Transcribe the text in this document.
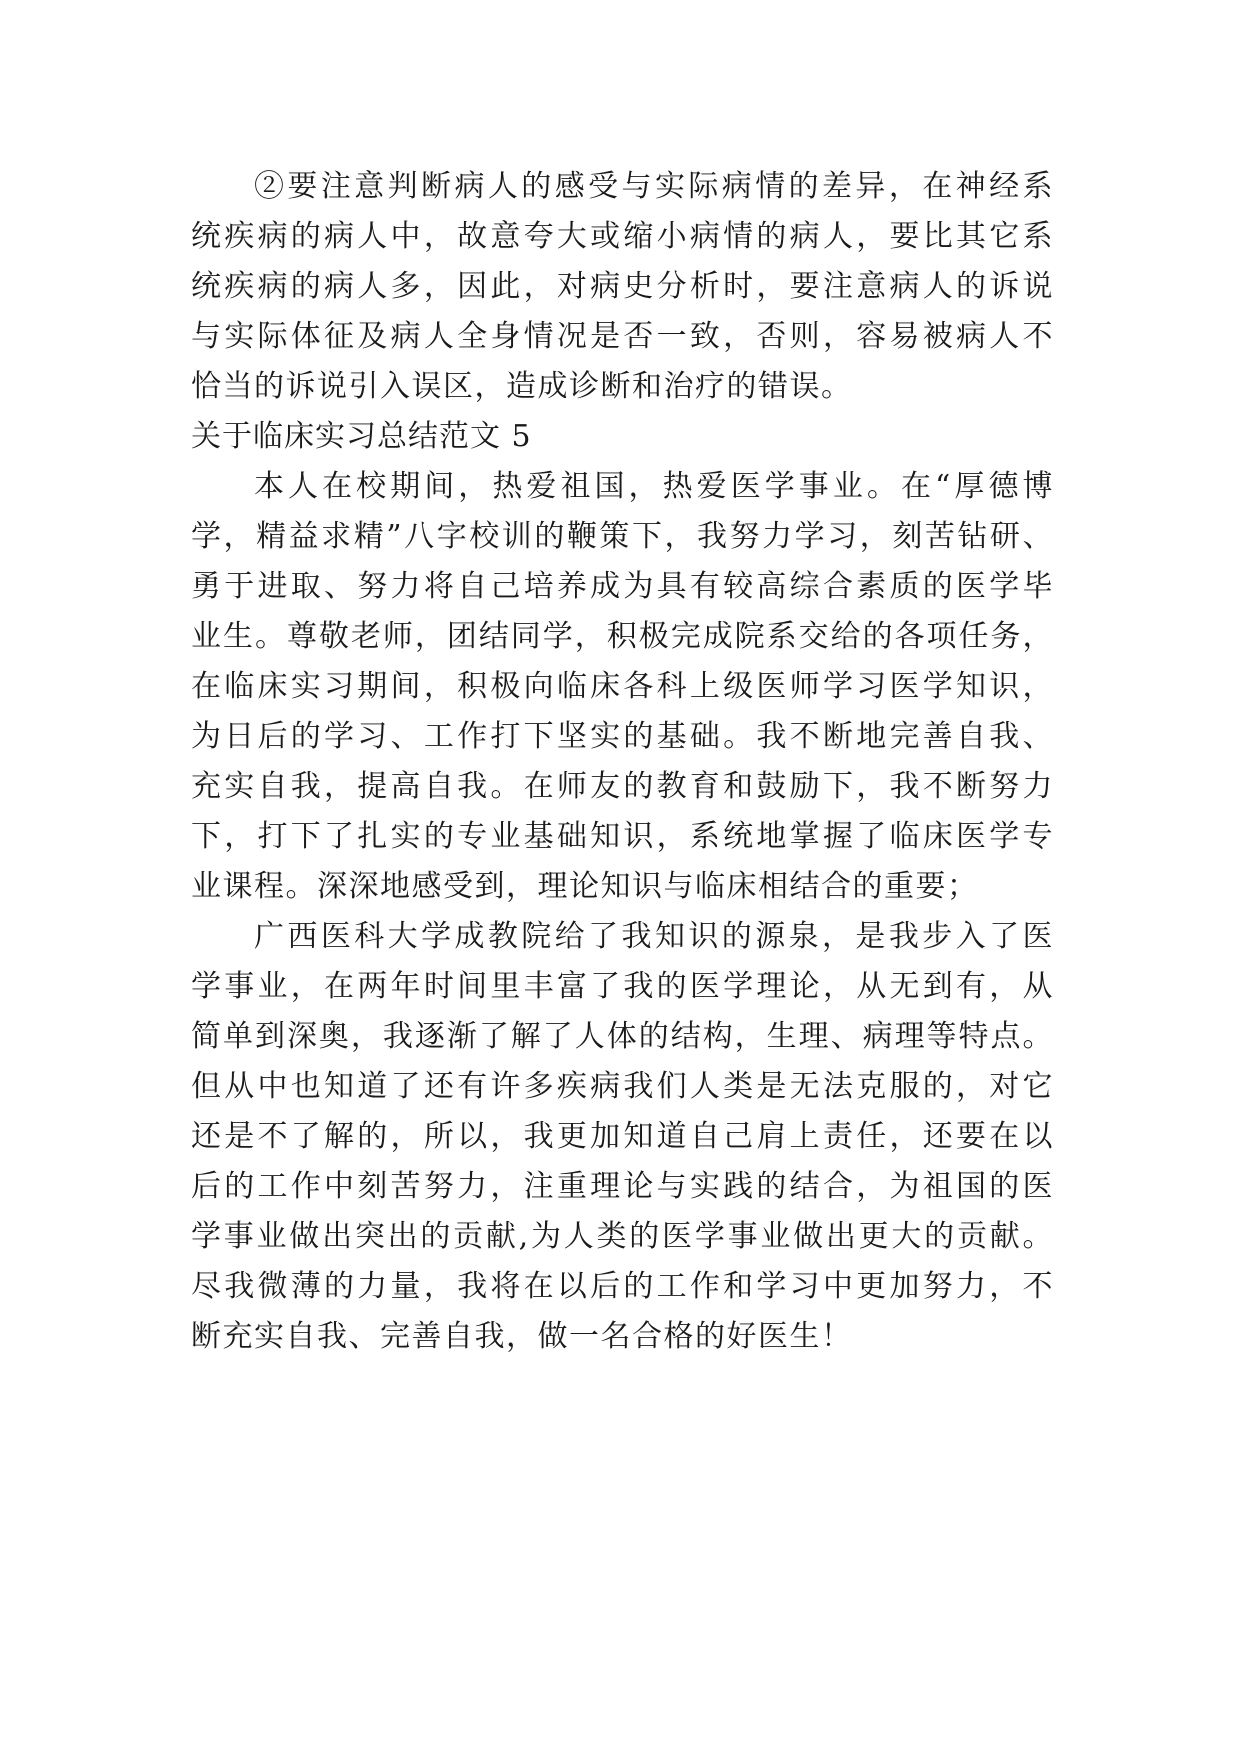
②要注意判断病人的感受与实际病情的差异，在神经系
统疾病的病人中，故意夸大或缩小病情的病人，要比其它系
统疾病的病人多，因此，对病史分析时，要注意病人的诉说
与实际体征及病人全身情况是否一致，否则，容易被病人不
恰当的诉说引入误区，造成诊断和治疗的错误。
关于临床实习总结范文 5
本人在校期间，热爱祖国，热爱医学事业。在“厚德博
学，精益求精”八字校训的鞭策下，我努力学习，刻苦钻研、
勇于进取、努力将自己培养成为具有较高综合素质的医学毕
业生。尊敬老师，团结同学，积极完成院系交给的各项任务，
在临床实习期间，积极向临床各科上级医师学习医学知识，
为日后的学习、工作打下坚实的基础。我不断地完善自我、
充实自我，提高自我。在师友的教育和鼓励下，我不断努力
下，打下了扎实的专业基础知识，系统地掌握了临床医学专
业课程。深深地感受到，理论知识与临床相结合的重要；
广西医科大学成教院给了我知识的源泉，是我步入了医
学事业，在两年时间里丰富了我的医学理论，从无到有，从
简单到深奥，我逐渐了解了人体的结构，生理、病理等特点。
但从中也知道了还有许多疾病我们人类是无法克服的，对它
还是不了解的，所以，我更加知道自己肩上责任，还要在以
后的工作中刻苦努力，注重理论与实践的结合，为祖国的医
学事业做出突出的贡献,为人类的医学事业做出更大的贡献。
尽我微薄的力量，我将在以后的工作和学习中更加努力，不
断充实自我、完善自我，做一名合格的好医生！
